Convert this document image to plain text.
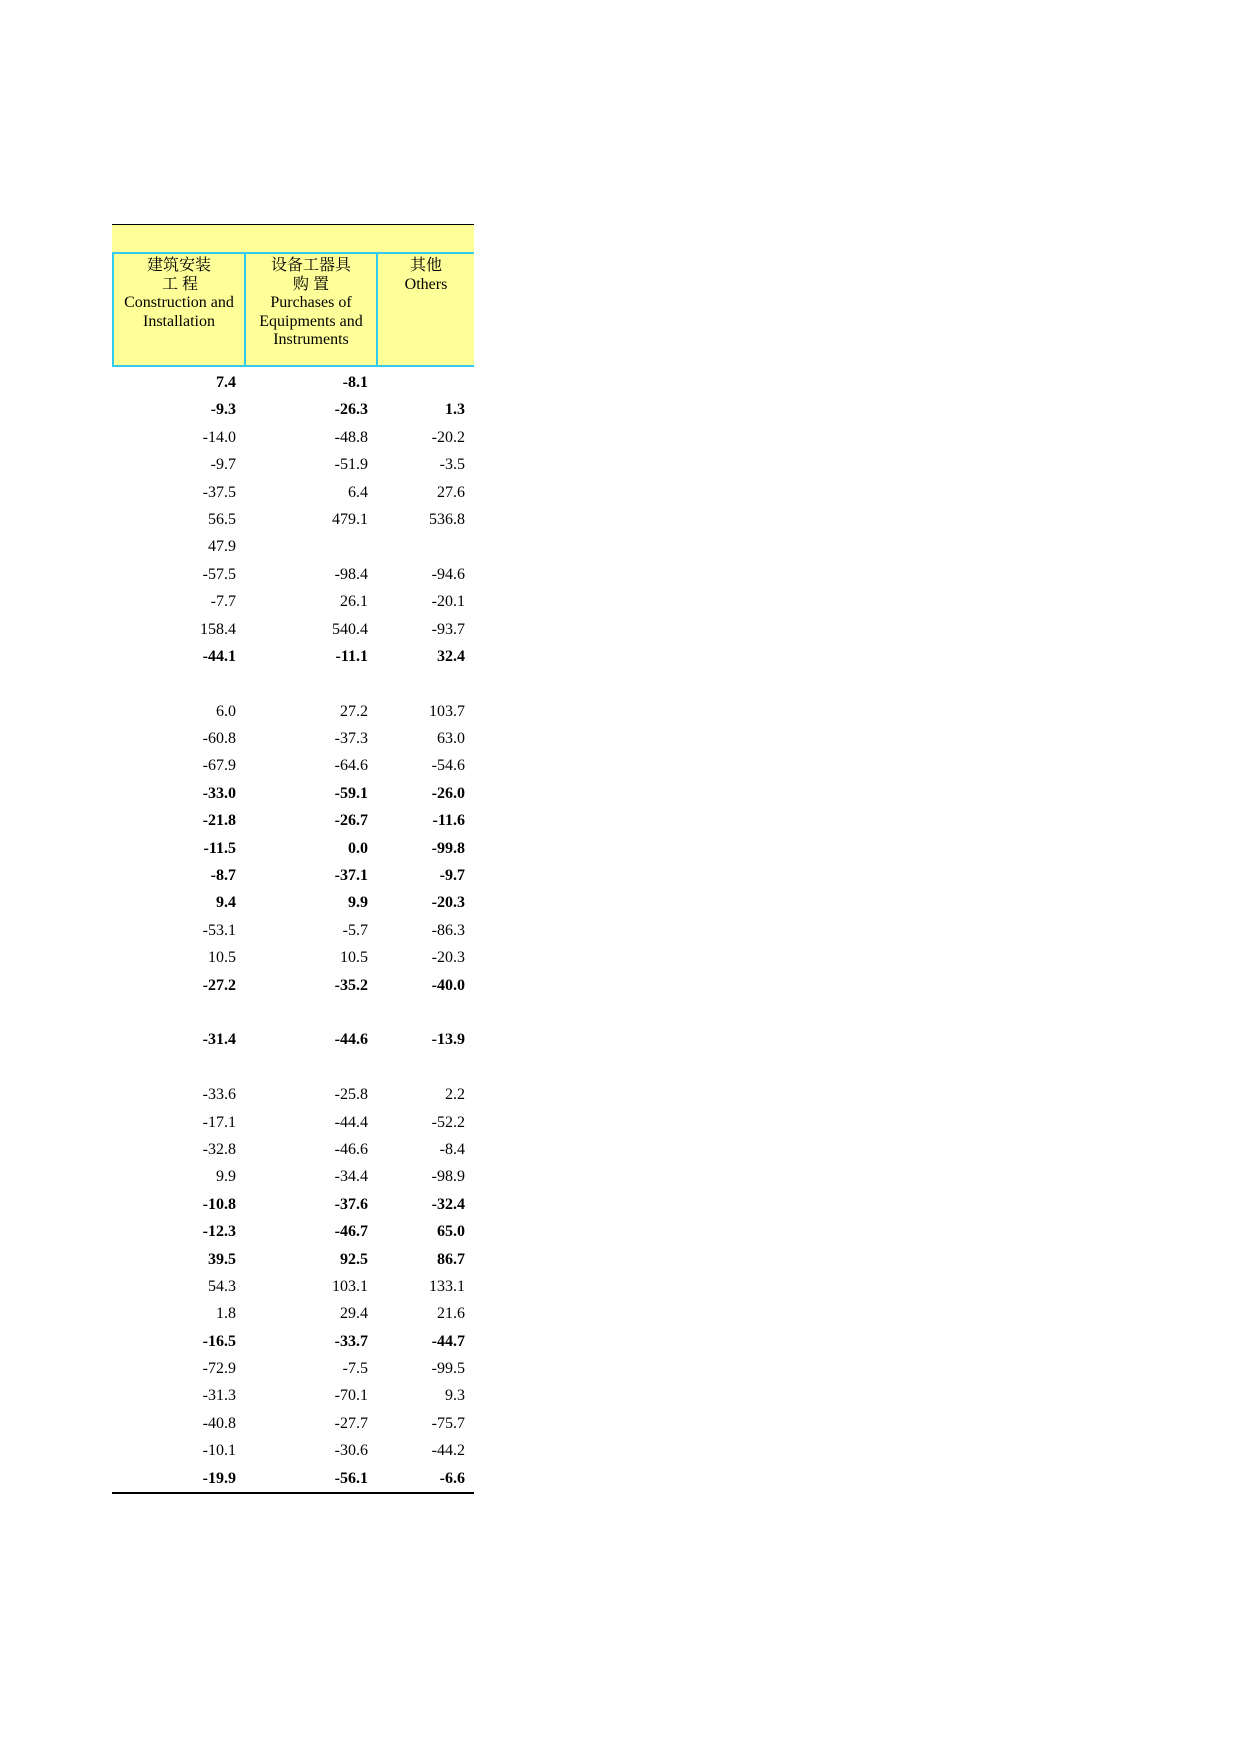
建筑安装
工 程
Construction and
Installation
设备工器具
购 置
Purchases of
Equipments and
Instruments
其他
Others
7.4	-8.1
-9.3	-26.3	1.3
-14.0	-48.8	-20.2
-9.7	-51.9	-3.5
-37.5	6.4	27.6
56.5	479.1	536.8
47.9
-57.5	-98.4	-94.6
-7.7	26.1	-20.1
158.4	540.4	-93.7
-44.1	-11.1	32.4
6.0	27.2	103.7
-60.8	-37.3	63.0
-67.9	-64.6	-54.6
-33.0	-59.1	-26.0
-21.8	-26.7	-11.6
-11.5	0.0	-99.8
-8.7	-37.1	-9.7
9.4	9.9	-20.3
-53.1	-5.7	-86.3
10.5	10.5	-20.3
-27.2	-35.2	-40.0
-31.4	-44.6	-13.9
-33.6	-25.8	2.2
-17.1	-44.4	-52.2
-32.8	-46.6	-8.4
9.9	-34.4	-98.9
-10.8	-37.6	-32.4
-12.3	-46.7	65.0
39.5	92.5	86.7
54.3	103.1	133.1
1.8	29.4	21.6
-16.5	-33.7	-44.7
-72.9	-7.5	-99.5
-31.3	-70.1	9.3
-40.8	-27.7	-75.7
-10.1	-30.6	-44.2
-19.9	-56.1	-6.6
